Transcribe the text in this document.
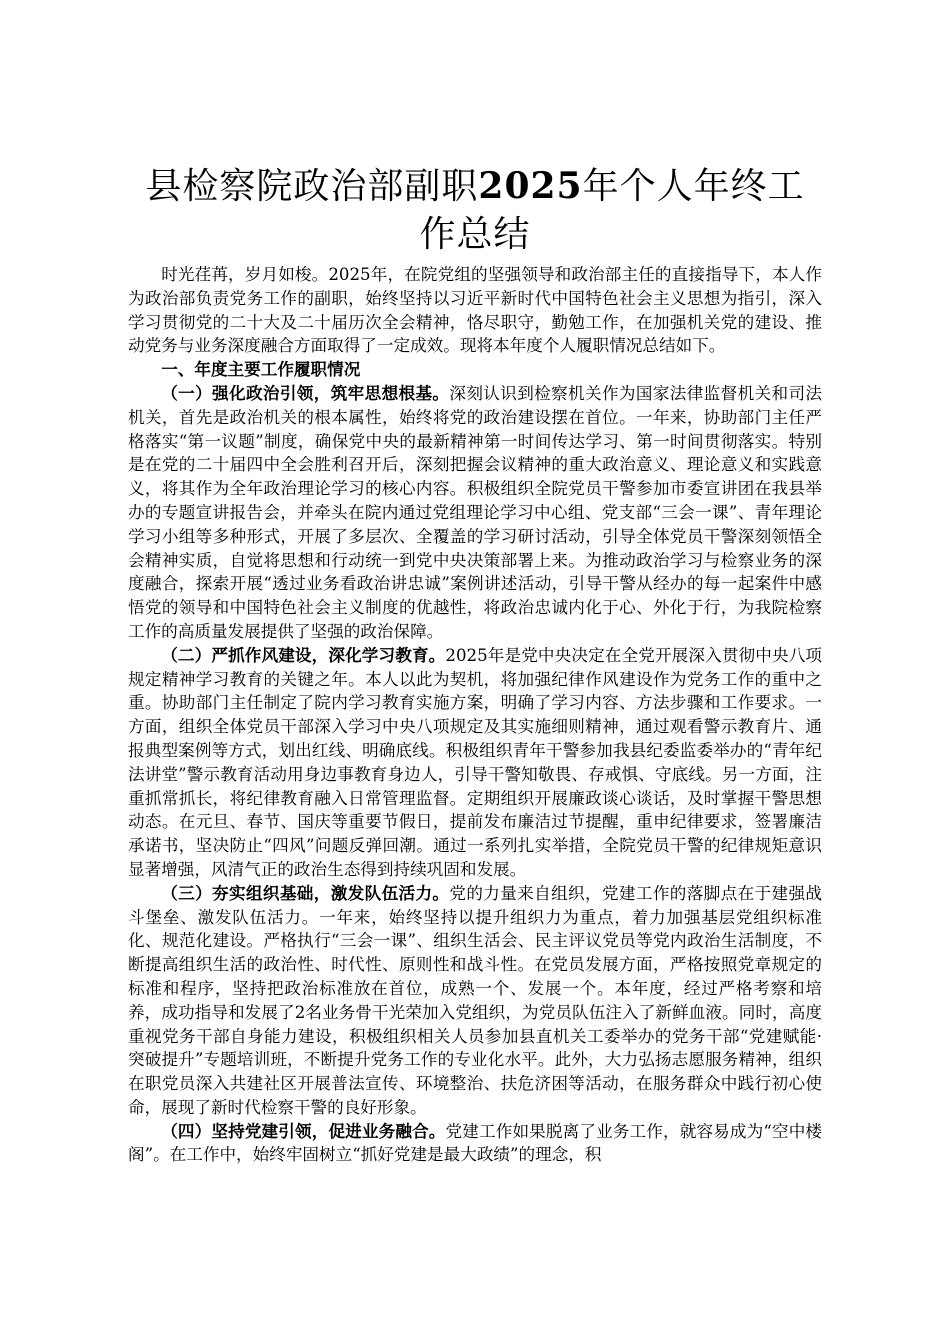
县检察院政治部副职2025年个人年终工作总结

时光荏苒，岁月如梭。2025年，在院党组的坚强领导和政治部主任的直接指导下，本人作为政治部负责党务工作的副职，始终坚持以习近平新时代中国特色社会主义思想为指引，深入学习贯彻党的二十大及二十届历次全会精神，恪尽职守，勤勉工作，在加强机关党的建设、推动党务与业务深度融合方面取得了一定成效。现将本年度个人履职情况总结如下。

一、年度主要工作履职情况

（一）强化政治引领，筑牢思想根基。深刻认识到检察机关作为国家法律监督机关和司法机关，首先是政治机关的根本属性，始终将党的政治建设摆在首位。一年来，协助部门主任严格落实“第一议题”制度，确保党中央的最新精神第一时间传达学习、第一时间贯彻落实。特别是在党的二十届四中全会胜利召开后，深刻把握会议精神的重大政治意义、理论意义和实践意义，将其作为全年政治理论学习的核心内容。积极组织全院党员干警参加市委宣讲团在我县举办的专题宣讲报告会，并牵头在院内通过党组理论学习中心组、党支部“三会一课”、青年理论学习小组等多种形式，开展了多层次、全覆盖的学习研讨活动，引导全体党员干警深刻领悟全会精神实质，自觉将思想和行动统一到党中央决策部署上来。为推动政治学习与检察业务的深度融合，探索开展“透过业务看政治讲忠诚”案例讲述活动，引导干警从经办的每一起案件中感悟党的领导和中国特色社会主义制度的优越性，将政治忠诚内化于心、外化于行，为我院检察工作的高质量发展提供了坚强的政治保障。

（二）严抓作风建设，深化学习教育。2025年是党中央决定在全党开展深入贯彻中央八项规定精神学习教育的关键之年。本人以此为契机，将加强纪律作风建设作为党务工作的重中之重。协助部门主任制定了院内学习教育实施方案，明确了学习内容、方法步骤和工作要求。一方面，组织全体党员干部深入学习中央八项规定及其实施细则精神，通过观看警示教育片、通报典型案例等方式，划出红线、明确底线。积极组织青年干警参加我县纪委监委举办的“青年纪法讲堂”警示教育活动用身边事教育身边人，引导干警知敬畏、存戒惧、守底线。另一方面，注重抓常抓长，将纪律教育融入日常管理监督。定期组织开展廉政谈心谈话，及时掌握干警思想动态。在元旦、春节、国庆等重要节假日，提前发布廉洁过节提醒，重申纪律要求，签署廉洁承诺书，坚决防止“四风”问题反弹回潮。通过一系列扎实举措，全院党员干警的纪律规矩意识显著增强，风清气正的政治生态得到持续巩固和发展。

（三）夯实组织基础，激发队伍活力。党的力量来自组织，党建工作的落脚点在于建强战斗堡垒、激发队伍活力。一年来，始终坚持以提升组织力为重点，着力加强基层党组织标准化、规范化建设。严格执行“三会一课”、组织生活会、民主评议党员等党内政治生活制度，不断提高组织生活的政治性、时代性、原则性和战斗性。在党员发展方面，严格按照党章规定的标准和程序，坚持把政治标准放在首位，成熟一个、发展一个。本年度，经过严格考察和培养，成功指导和发展了2名业务骨干光荣加入党组织，为党员队伍注入了新鲜血液。同时，高度重视党务干部自身能力建设，积极组织相关人员参加县直机关工委举办的党务干部“党建赋能·突破提升”专题培训班，不断提升党务工作的专业化水平。此外，大力弘扬志愿服务精神，组织在职党员深入共建社区开展普法宣传、环境整治、扶危济困等活动，在服务群众中践行初心使命，展现了新时代检察干警的良好形象。

（四）坚持党建引领，促进业务融合。党建工作如果脱离了业务工作，就容易成为“空中楼阁”。在工作中，始终牢固树立“抓好党建是最大政绩”的理念，积
